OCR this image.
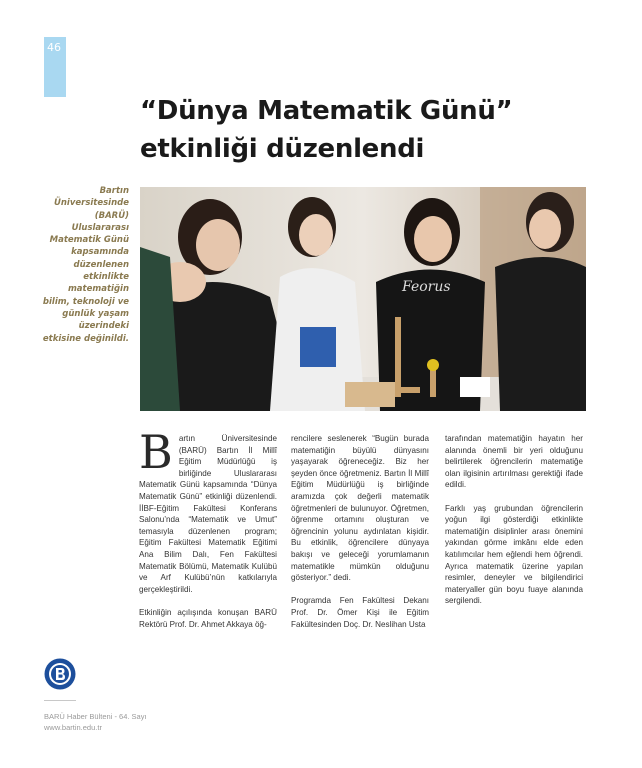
46
“Dünya Matematik Günü” etkinliği düzenlendi
Bartın Üniversitesinde (BARÜ) Uluslararası Matematik Günü kapsamında düzenlenen etkinlikte matematiğin bilim, teknoloji ve günlük yaşam üzerindeki etkisine değinildi.
Feorus

B artın Üniversitesinde (BARÜ) Bartın İl Millî Eğitim Müdürlüğü iş birliğinde Uluslararası Matematik Günü kapsamında “Dünya Matematik Günü” etkinliği düzenlendi. İİBF-Eğitim Fakültesi Konferans Salonu’nda “Matematik ve Umut” temasıyla düzenlenen program; Eğitim Fakültesi Matematik Eğitimi Ana Bilim Dalı, Fen Fakültesi Matematik Bölümü, Matematik Kulübü ve Arf Kulübü’nün katkılarıyla gerçekleştirildi.

Etkinliğin açılışında konuşan BARÜ Rektörü Prof. Dr. Ahmet Akkaya öğ-

rencilere seslenerek “Bugün burada matematiğin büyülü dünyasını yaşayarak öğreneceğiz. Biz her şeyden önce öğretmeniz. Bartın İl Millî Eğitim Müdürlüğü iş birliğinde aramızda çok değerli matematik öğretmenleri de bulunuyor. Öğretmen, öğrenme ortamını oluşturan ve öğrencinin yolunu aydınlatan kişidir. Bu etkinlik, öğrencilere dünyaya bakışı ve geleceği yorumlamanın matematikle mümkün olduğunu gösteriyor.” dedi.

Programda Fen Fakültesi Dekanı Prof. Dr. Ömer Kişi ile Eğitim Fakültesinden Doç. Dr. Neslihan Usta

tarafından matematiğin hayatın her alanında önemli bir yeri olduğunu belirtilerek öğrencilerin matematiğe olan ilgisinin artırılması gerektiği ifade edildi.

Farklı yaş grubundan öğrencilerin yoğun ilgi gösterdiği etkinlikte matematiğin disiplinler arası önemini yakından görme imkânı elde eden katılımcılar hem eğlendi hem öğrendi. Ayrıca matematik üzerine yapılan resimler, deneyler ve bilgilendirici materyaller gün boyu fuaye alanında sergilendi.

BARÜ Haber Bülteni - 64. Sayı
www.bartin.edu.tr
